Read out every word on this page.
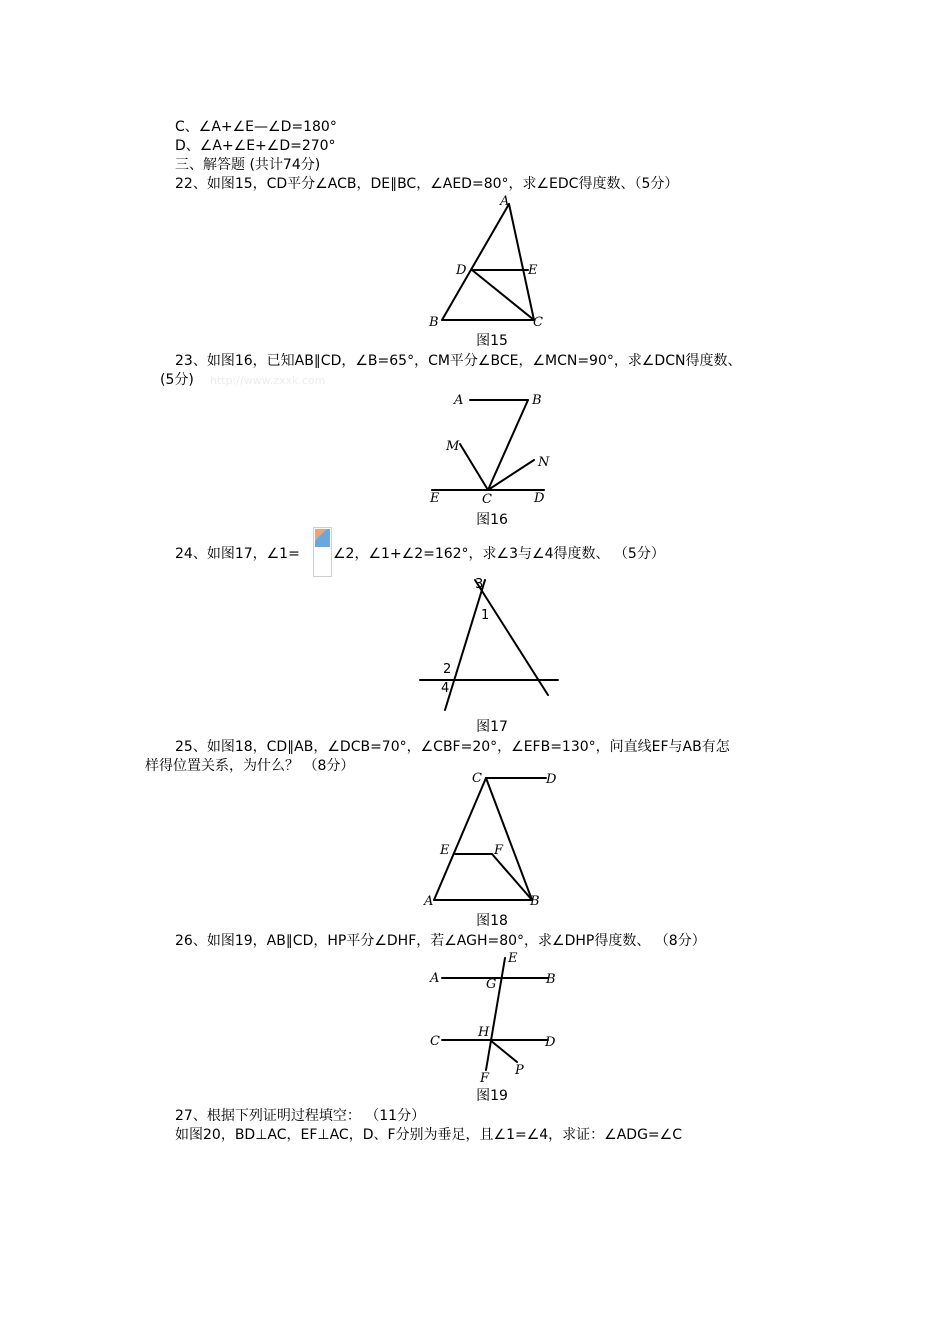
C、∠A+∠E—∠D=180°
D、∠A+∠E+∠D=270°
三、解答题 (共计74分)
22、如图15，CD平分∠ACB，DE∥BC，∠AED=80°，求∠EDC得度数、（5分）
A
D	E
B	C
图15
23、如图16，已知AB∥CD，∠B=65°，CM平分∠BCE，∠MCN=90°，求∠DCN得度数、
(5分) http://www.zxxk.com
A	B
M
N
E	C	D
图16
24、如图17，∠1= ∠2，∠1+∠2=162°，求∠3与∠4得度数、 （5分）
3
1
2
4
图17
25、如图18，CD∥AB，∠DCB=70°，∠CBF=20°，∠EFB=130°，问直线EF与AB有怎
样得位置关系，为什么？ （8分）
C	D
E	F
A	B
图18
26、如图19，AB∥CD，HP平分∠DHF，若∠AGH=80°，求∠DHP得度数、 （8分）
E
A	G	B
H
C	D
F
P
图19
27、根据下列证明过程填空： （11分）
如图20，BD⊥AC，EF⊥AC，D、F分别为垂足，且∠1=∠4，求证：∠ADG=∠C
